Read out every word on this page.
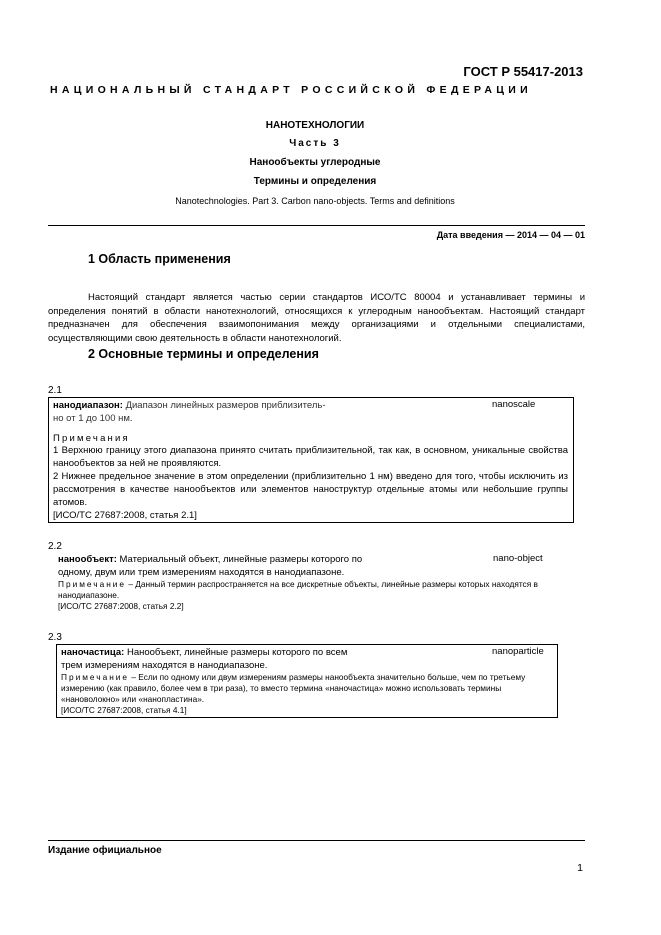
ГОСТ Р 55417-2013
НАЦИОНАЛЬНЫЙ СТАНДАРТ РОССИЙСКОЙ ФЕДЕРАЦИИ
НАНОТЕХНОЛОГИИ
Часть 3
Нанообъекты углеродные
Термины и определения
Nanotechnologies. Part 3. Carbon nano-objects. Terms and definitions
Дата введения — 2014 — 04 — 01
1 Область применения
Настоящий стандарт является частью серии стандартов ИСО/ТС 80004 и устанавливает термины и определения понятий в области нанотехнологий, относящихся к углеродным нанообъектам. Настоящий стандарт предназначен для обеспечения взаимопонимания между организациями и отдельными специалистами, осуществляющими свою деятельность в области нанотехнологий.
2 Основные термины и определения
2.1
нанодиапазон: Диапазон линейных размеров приблизитель-
но от 1 до 100 нм.
Примечания
1 Верхнюю границу этого диапазона принято считать приблизительной, так как, в основном, уникальные свойства нанообъектов за ней не проявляются.
2 Нижнее предельное значение в этом определении (приблизительно 1 нм) введено для того, чтобы исключить из рассмотрения в качестве нанообъектов или элементов наноструктур отдельные атомы или небольшие группы атомов.
[ИСО/ТС 27687:2008, статья 2.1]
nanoscale
2.2
нанообъект: Материальный объект, линейные размеры которого по
одному, двум или трем измерениям находятся в нанодиапазоне.
Примечание – Данный термин распространяется на все дискретные объекты, линейные размеры которых находятся в нанодиапазоне.
[ИСО/ТС 27687:2008, статья 2.2]
nano-object
2.3
наночастица: Нанообъект, линейные размеры которого по всем
трем измерениям находятся в нанодиапазоне.
Примечание – Если по одному или двум измерениям размеры нанообъекта значительно больше, чем по третьему измерению (как правило, более чем в три раза), то вместо термина «наночастица» можно использовать термины «нановолокно» или «нанопластина».
[ИСО/ТС 27687:2008, статья 4.1]
nanoparticle
Издание официальное
1
